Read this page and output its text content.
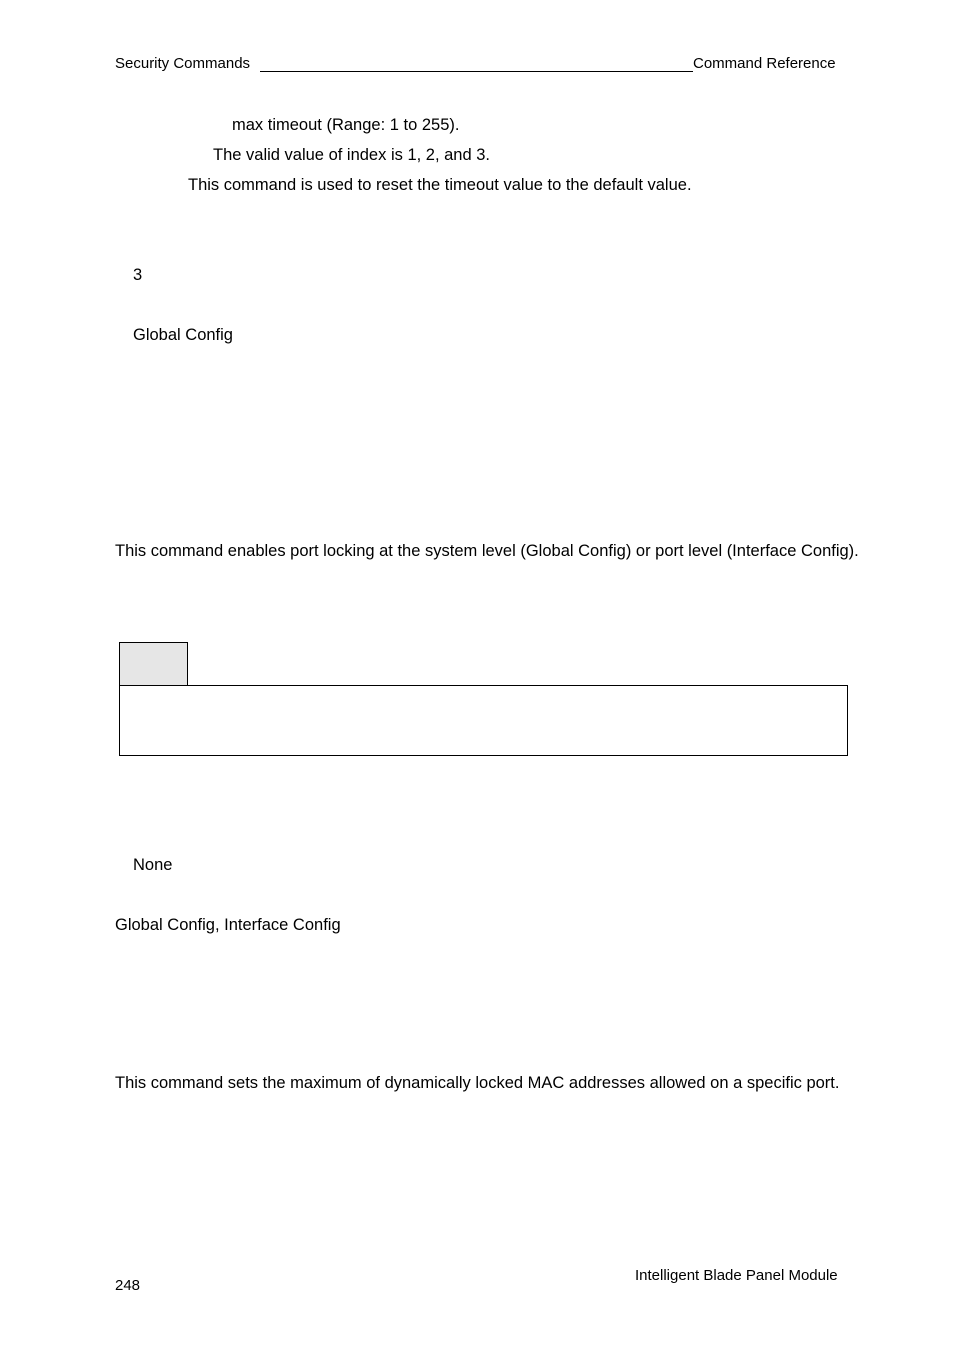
Security Commands	Command Reference
max timeout (Range: 1 to 255).
The valid value of index is 1, 2, and 3.
This command is used to reset the timeout value to the default value.
3
Global Config
This command enables port locking at the system level (Global Config) or port level (Interface Config).
None
Global Config, Interface Config
This command sets the maximum of dynamically locked MAC addresses allowed on a specific port.
248
Intelligent Blade Panel Module
